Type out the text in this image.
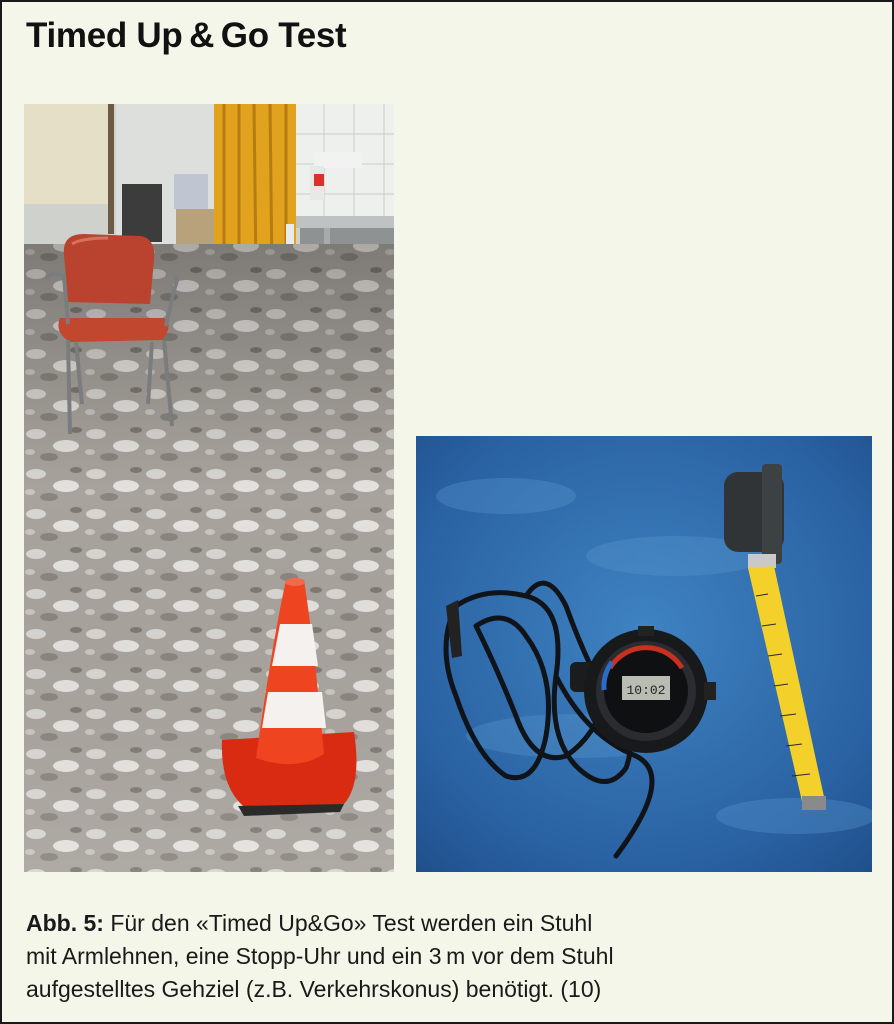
Timed Up & Go Test
10:02
Abb. 5: Für den «Timed Up&Go» Test werden ein Stuhl
mit Armlehnen, eine Stopp-Uhr und ein 3 m vor dem Stuhl
aufgestelltes Gehziel (z.B. Verkehrskonus) benötigt. (10)
